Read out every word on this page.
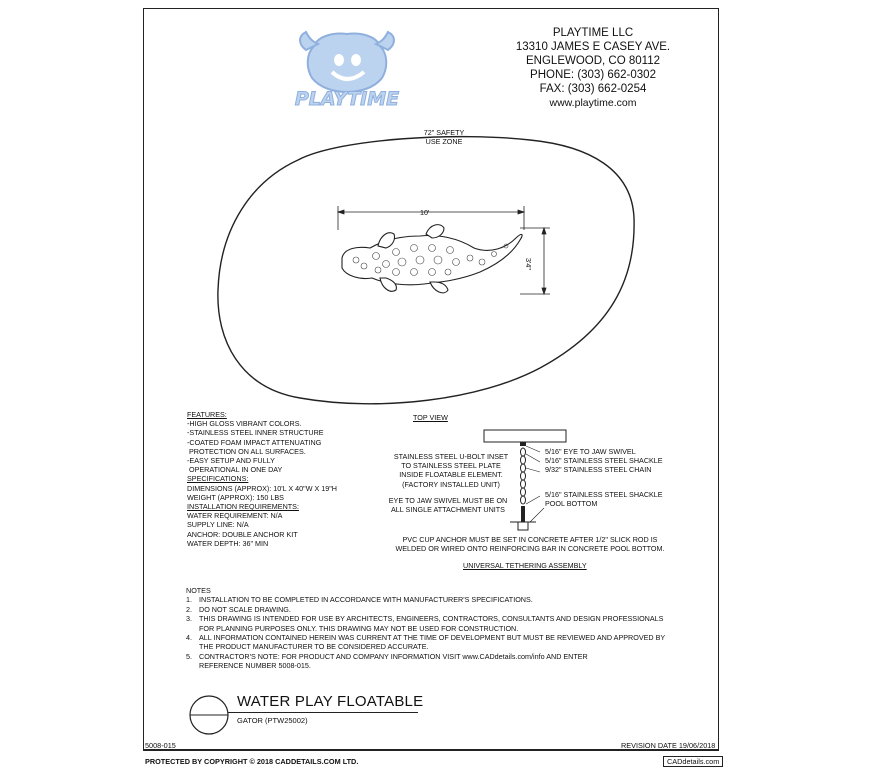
PLAYTIME
PLAYTIME LLC
13310 JAMES E CASEY AVE.
ENGLEWOOD, CO 80112
PHONE: (303) 662-0302
FAX: (303) 662-0254
www.playtime.com
72" SAFETY
USE ZONE
10'
3'4"
TOP VIEW
FEATURES:
-HIGH GLOSS VIBRANT COLORS.
-STAINLESS STEEL INNER STRUCTURE
-COATED FOAM IMPACT ATTENUATING
PROTECTION ON ALL SURFACES.
-EASY SETUP AND FULLY
OPERATIONAL IN ONE DAY
SPECIFICATIONS:
DIMENSIONS (APPROX): 10'L X 40"W X 19"H
WEIGHT (APPROX): 150 LBS
INSTALLATION REQUIREMENTS:
WATER REQUIREMENT: N/A
SUPPLY LINE: N/A
ANCHOR: DOUBLE ANCHOR KIT
WATER DEPTH: 36" MIN
STAINLESS STEEL U-BOLT INSET
TO STAINLESS STEEL PLATE
INSIDE FLOATABLE ELEMENT.
(FACTORY INSTALLED UNIT)
EYE TO JAW SWIVEL MUST BE ON
ALL SINGLE ATTACHMENT UNITS
5/16" EYE TO JAW SWIVEL
5/16" STAINLESS STEEL SHACKLE
9/32" STAINLESS STEEL CHAIN
5/16" STAINLESS STEEL SHACKLE
POOL BOTTOM
PVC CUP ANCHOR MUST BE SET IN CONCRETE AFTER 1/2" SLICK ROD IS
WELDED OR WIRED ONTO REINFORCING BAR IN CONCRETE POOL BOTTOM.
UNIVERSAL TETHERING ASSEMBLY
NOTES
1. INSTALLATION TO BE COMPLETED IN ACCORDANCE WITH MANUFACTURER'S SPECIFICATIONS.
2. DO NOT SCALE DRAWING.
3. THIS DRAWING IS INTENDED FOR USE BY ARCHITECTS, ENGINEERS, CONTRACTORS, CONSULTANTS AND DESIGN PROFESSIONALS
FOR PLANNING PURPOSES ONLY. THIS DRAWING MAY NOT BE USED FOR CONSTRUCTION.
4. ALL INFORMATION CONTAINED HEREIN WAS CURRENT AT THE TIME OF DEVELOPMENT BUT MUST BE REVIEWED AND APPROVED BY
THE PRODUCT MANUFACTURER TO BE CONSIDERED ACCURATE.
5. CONTRACTOR'S NOTE: FOR PRODUCT AND COMPANY INFORMATION VISIT www.CADdetails.com/info AND ENTER
REFERENCE NUMBER 5008-015.
WATER PLAY FLOATABLE
GATOR (PTW25002)
5008-015	REVISION DATE 19/06/2018
PROTECTED BY COPYRIGHT © 2018 CADDETAILS.COM LTD.	CADdetails.com
